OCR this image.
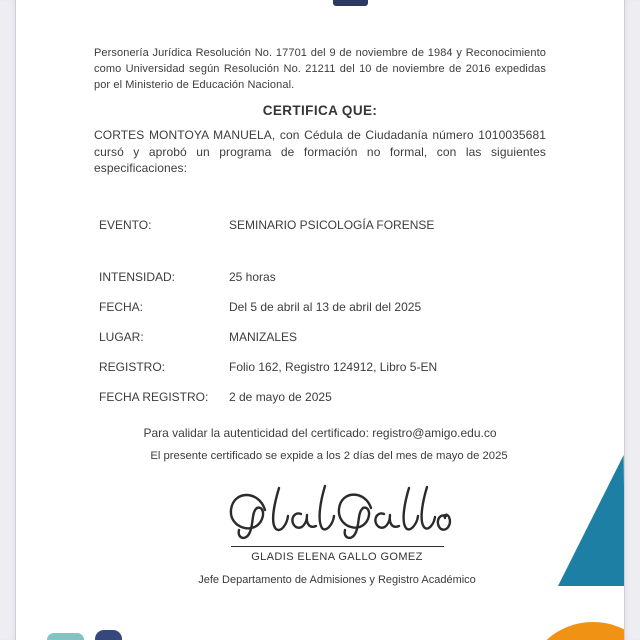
Personería Jurídica Resolución No. 17701 del 9 de noviembre de 1984 y Reconocimiento como Universidad según Resolución No. 21211 del 10 de noviembre de 2016 expedidas por el Ministerio de Educación Nacional.
CERTIFICA QUE:
CORTES MONTOYA MANUELA, con Cédula de Ciudadanía número 1010035681 cursó y aprobó un programa de formación no formal, con las siguientes especificaciones:
EVENTO:	SEMINARIO PSICOLOGÍA FORENSE
INTENSIDAD:	25 horas
FECHA:	Del 5 de abril al 13 de abril del 2025
LUGAR:	MANIZALES
REGISTRO:	Folio 162, Registro 124912, Libro 5-EN
FECHA REGISTRO:	2 de mayo de 2025
Para validar la autenticidad del certificado: registro@amigo.edu.co
El presente certificado se expide a los 2 días del mes de mayo de 2025
GLADIS ELENA GALLO GOMEZ
Jefe Departamento de Admisiones y Registro Académico
